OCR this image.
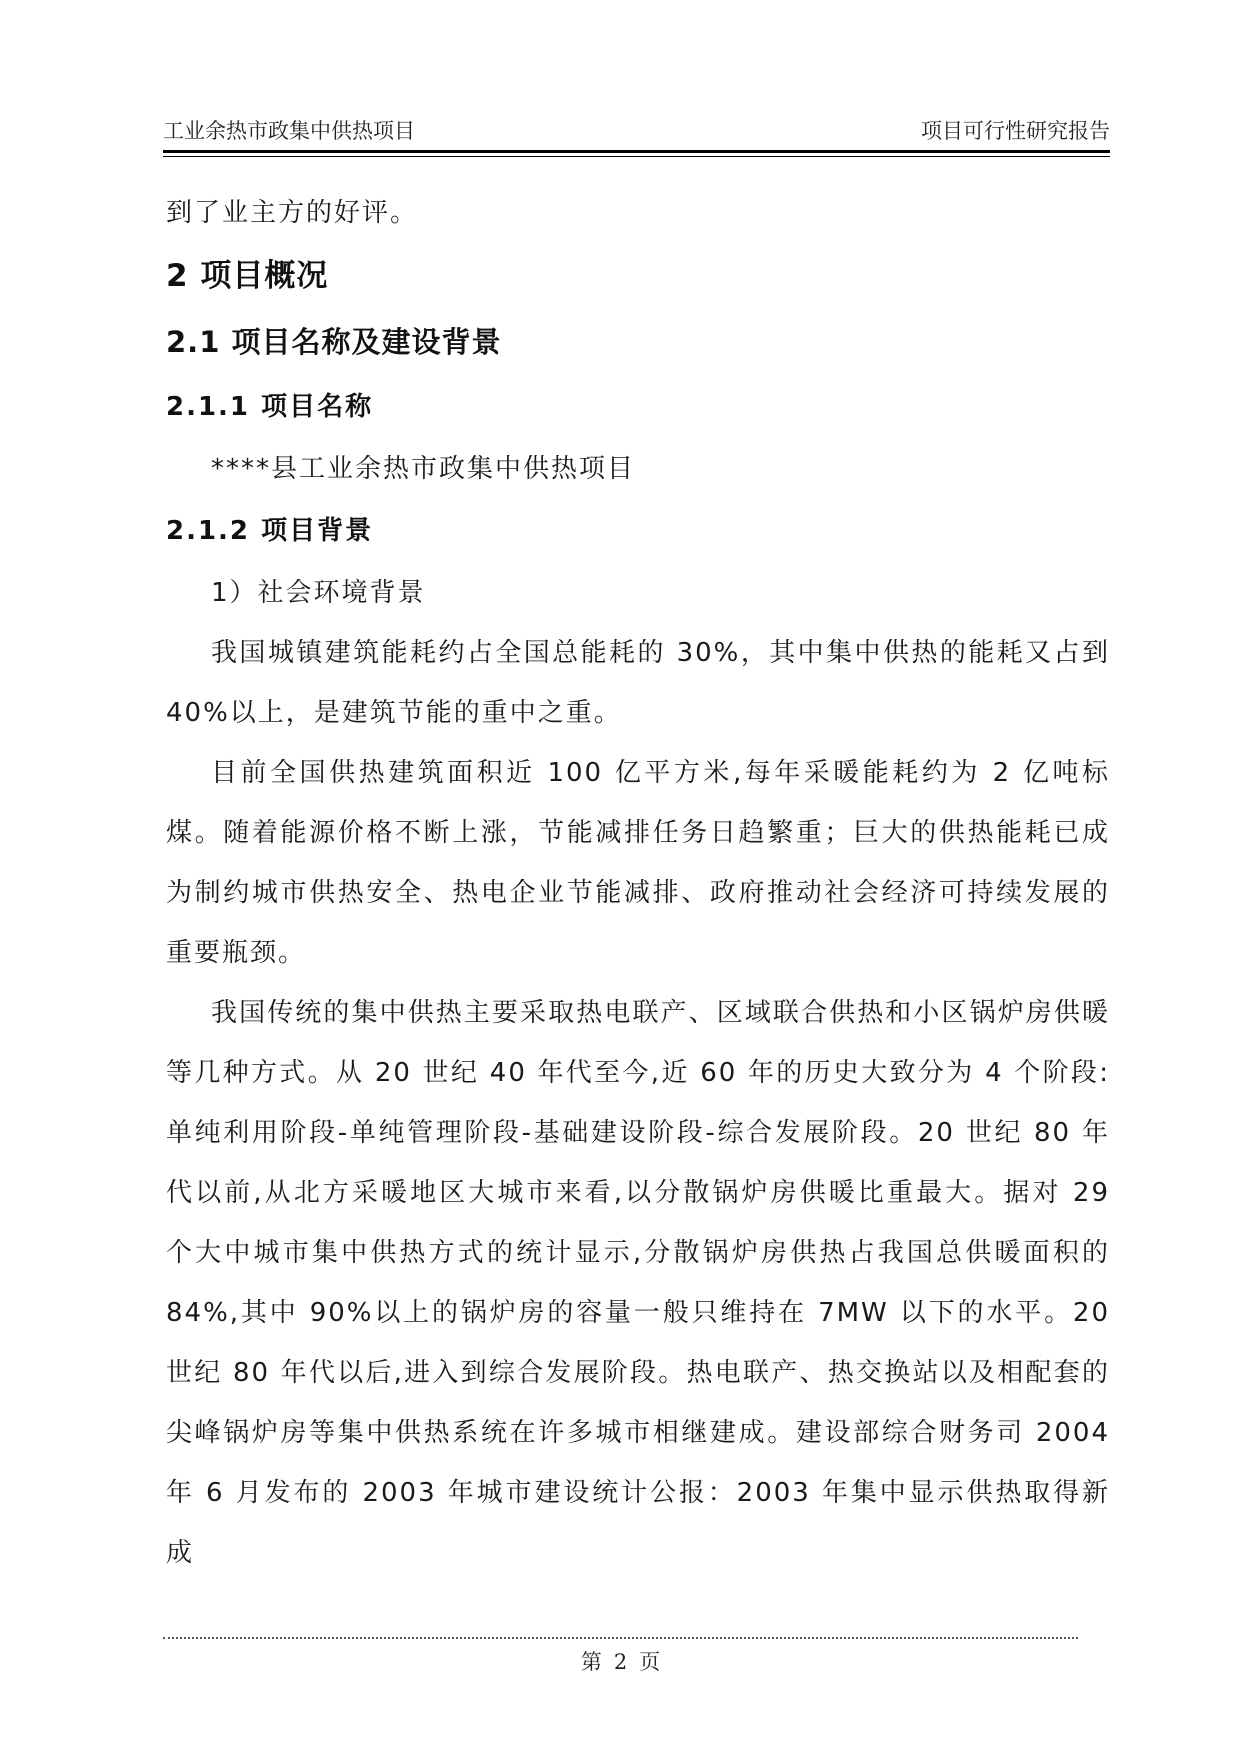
工业余热市政集中供热项目	项目可行性研究报告

到了业主方的好评。

2 项目概况
2.1 项目名称及建设背景
2.1.1 项目名称

****县工业余热市政集中供热项目

2.1.2 项目背景

1）社会环境背景

我国城镇建筑能耗约占全国总能耗的 30%，其中集中供热的能耗又占到 40%以上，是建筑节能的重中之重。

目前全国供热建筑面积近 100 亿平方米,每年采暖能耗约为 2 亿吨标煤。随着能源价格不断上涨，节能减排任务日趋繁重；巨大的供热能耗已成为制约城市供热安全、热电企业节能减排、政府推动社会经济可持续发展的重要瓶颈。

我国传统的集中供热主要采取热电联产、区域联合供热和小区锅炉房供暖等几种方式。从 20 世纪 40 年代至今,近 60 年的历史大致分为 4 个阶段:单纯利用阶段-单纯管理阶段-基础建设阶段-综合发展阶段。20 世纪 80 年代以前,从北方采暖地区大城市来看,以分散锅炉房供暖比重最大。据对 29 个大中城市集中供热方式的统计显示,分散锅炉房供热占我国总供暖面积的 84%,其中 90%以上的锅炉房的容量一般只维持在 7MW 以下的水平。20 世纪 80 年代以后,进入到综合发展阶段。热电联产、热交换站以及相配套的尖峰锅炉房等集中供热系统在许多城市相继建成。建设部综合财务司 2004 年 6 月发布的 2003 年城市建设统计公报：2003 年集中显示供热取得新成

第 2 页
